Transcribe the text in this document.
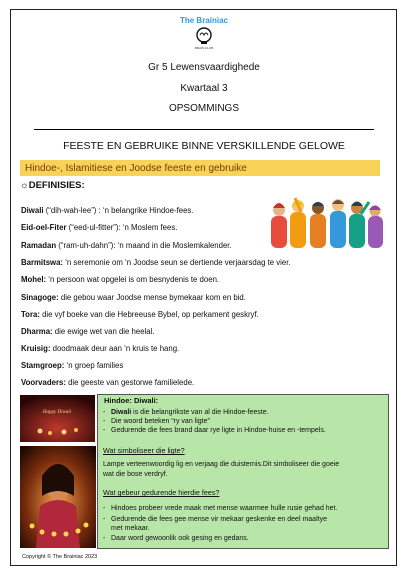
The Brainiac
BRAIN·CLUB
Gr 5 Lewensvaardighede
Kwartaal 3
OPSOMMINGS
FEESTE EN GEBRUIKE BINNE VERSKILLENDE GELOWE
Hindoe-, Islamitiese en Joodse feeste en gebruike
☼DEFINISIES:
Diwali (“dih-wah-lee”) : ‘n belangrike Hindoe-fees.
Eid-oel-Fiter (“eed-ul-fitter”): ‘n Moslem fees.
Ramadan (“ram-uh-dahn”): ‘n maand in die Moslemkalender.
Barmitswa: ‘n seremonie om ‘n Joodse seun se dertiende verjaarsdag te vier.
Mohel: ‘n persoon wat opgelei is om besnydenis te doen.
Sinagoge: die gebou waar Joodse mense bymekaar kom en bid.
Tora: die vyf boeke van die Hebreeuse Bybel, op perkament geskryf.
Dharma: die ewige wet van die heelal.
Kruisig: doodmaak deur aan ‘n kruis te hang.
Stamgroep: ‘n groep families
Voorvaders: die geeste van gestorwe familielede.
Happy Diwali
Hindoe: Diwali:
- Diwali is die belangrikste van al die Hindoe-feeste.
- Die woord beteken “ry van ligte”
- Gedurende die fees brand daar rye ligte in Hindoe-huise en -tempels.
Wat simboliseer die ligte?
Lampe verteenwoordig lig en verjaag die duisternis.Dit simboliseer die goeie
wat die bose verdryf.
Wat gebeur gedurende hierdie fees?
- Hindoes probeer vrede maak met mense waarmee hulle rusie gehad het.
- Gedurende die fees gee mense vir mekaar geskenke en deel maaltye
met mekaar.
- Daar word gewoonlik ook gesing en gedans.
Copyright © The Brainiac 2023
